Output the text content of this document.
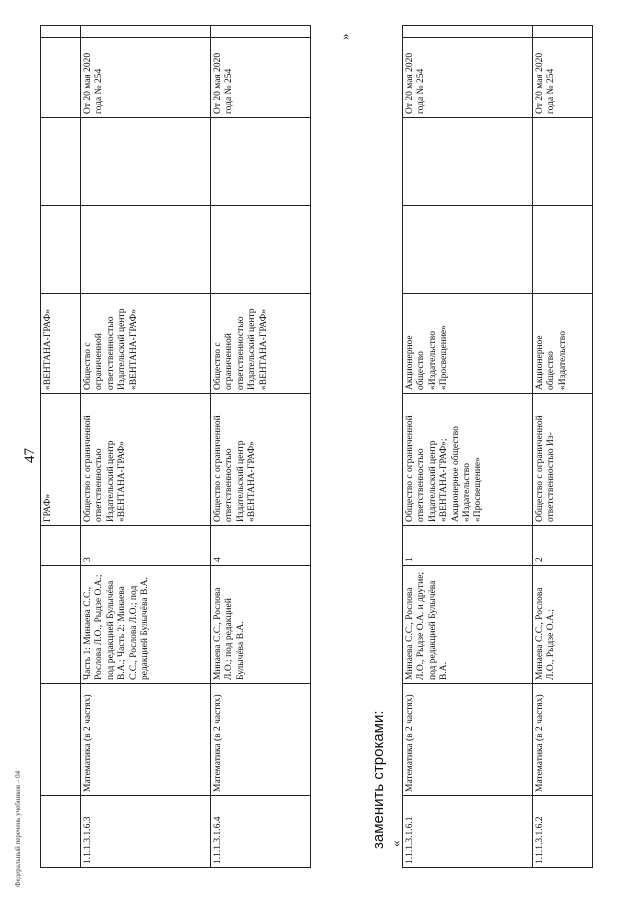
Федеральный перечень учебников – 04
47
				ГРАФ»	«ВЕНТАНА-ГРАФ»				
1.1.1.3.1.6.3	Математика (в 2 частях)	Часть 1: Минаева С.С., Рослова Л.О., Рыдзе О.А.; под редакцией Булычёва В.А.; Часть 2: Минаева С.С., Рослова Л.О.; под редакцией Булычёва В.А.	3	Общество с ограниченной ответственностью Издательский центр «ВЕНТАНА-ГРАФ»	Общество с ограниченной ответственностью Издательский центр «ВЕНТАНА-ГРАФ»			От 20 мая 2020 года № 254	
1.1.1.3.1.6.4	Математика (в 2 частях)	Минаева С.С., Рослова Л.О.; под редакцией Булычёва В.А.	4	Общество с ограниченной ответственностью Издательский центр «ВЕНТАНА-ГРАФ»	Общество с ограниченной ответственностью Издательский центр «ВЕНТАНА-ГРАФ»			От 20 мая 2020 года № 254	
»
заменить строками: « 1.1.1.3.1.6.1	Математика (в 2 частях)	Минаева С.С., Рослова Л.О., Рыдзе О.А. и другие; под редакцией Булычёва В.А.	1	Общество с ограниченной ответственностью Издательский центр «ВЕНТАНА-ГРАФ»; Акционерное общество «Издательство «Просвещение»	Акционерное общество «Издательство «Просвещение»			От 20 мая 2020 года № 254	
1.1.1.3.1.6.2	Математика (в 2 частях)	Минаева С.С., Рослова Л.О., Рыдзе О.А.;	2	Общество с ограниченной ответственностью Из-	Акционерное общество «Издательство			От 20 мая 2020 года № 254	
